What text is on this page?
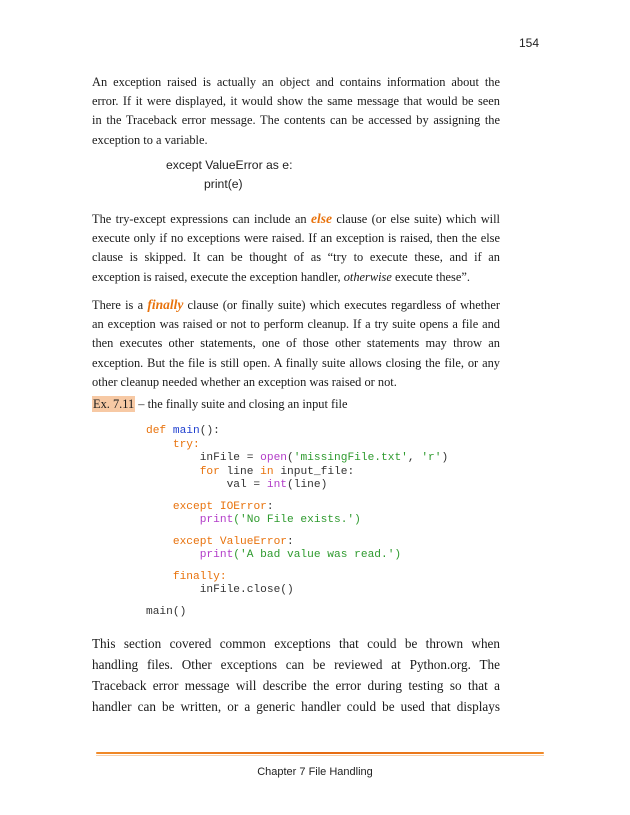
154

An exception raised is actually an object and contains information about the
error. If it were displayed, it would show the same message that would be seen
in the Traceback error message. The contents can be accessed by assigning the
exception to a variable.

except ValueError as e:
print(e)

The try-except expressions can include an else clause (or else suite) which will
execute only if no exceptions were raised. If an exception is raised, then the else
clause is skipped. It can be thought of as “try to execute these, and if an
exception is raised, execute the exception handler, otherwise execute these”.

There is a finally clause (or finally suite) which executes regardless of whether
an exception was raised or not to perform cleanup. If a try suite opens a file and
then executes other statements, one of those other statements may throw an
exception. But the file is still open. A finally suite allows closing the file, or any
other cleanup needed whether an exception was raised or not.

Ex. 7.11 – the finally suite and closing an input file
def main():
try:
inFile = open('missingFile.txt', 'r')
for line in input_file:
val = int(line)
except IOError:
print('No File exists.')
except ValueError:
print('A bad value was read.')
finally:
inFile.close()
main()

This section covered common exceptions that could be thrown when
handling files. Other exceptions can be reviewed at Python.org. The
Traceback error message will describe the error during testing so that a
handler can be written, or a generic handler could be used that displays

Chapter 7 File Handling
